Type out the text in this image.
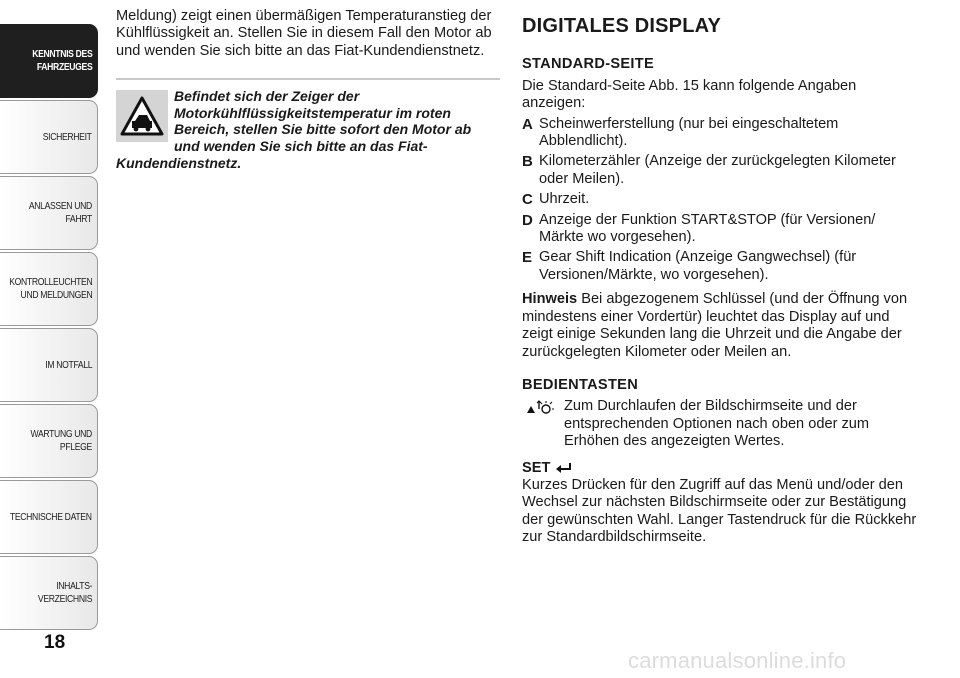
KENNTNIS DES
FAHRZEUGES
SICHERHEIT
ANLASSEN UND
FAHRT
KONTROLLEUCHTEN
UND MELDUNGEN
IM NOTFALL
WARTUNG UND
PFLEGE
TECHNISCHE DATEN
INHALTS-
VERZEICHNIS
18

Meldung) zeigt einen übermäßigen Temperaturanstieg der Kühlflüssigkeit an. Stellen Sie in diesem Fall den Motor ab und wenden Sie sich bitte an das Fiat-Kundendienstnetz.

Befindet sich der Zeiger der Motorkühlflüssigkeitstemperatur im roten Bereich, stellen Sie bitte sofort den Motor ab und wenden Sie sich bitte an das Fiat-Kundendienstnetz.
DIGITALES DISPLAY
STANDARD-SEITE

Die Standard-Seite Abb. 15 kann folgende Angaben anzeigen:

A Scheinwerferstellung (nur bei eingeschaltetem Abblendlicht).
B Kilometerzähler (Anzeige der zurückgelegten Kilometer oder Meilen).
C Uhrzeit.
D Anzeige der Funktion START&STOP (für Versionen/ Märkte wo vorgesehen).
E Gear Shift Indication (Anzeige Gangwechsel) (für Versionen/Märkte, wo vorgesehen).

Hinweis Bei abgezogenem Schlüssel (und der Öffnung von mindestens einer Vordertür) leuchtet das Display auf und zeigt einige Sekunden lang die Uhrzeit und die Angabe der zurückgelegten Kilometer oder Meilen an.

BEDIENTASTEN
Zum Durchlaufen der Bildschirmseite und der entsprechenden Optionen nach oben oder zum Erhöhen des angezeigten Wertes.
SET

Kurzes Drücken für den Zugriff auf das Menü und/oder den Wechsel zur nächsten Bildschirmseite oder zur Bestätigung der gewünschten Wahl. Langer Tastendruck für die Rückkehr zur Standardbildschirmseite.

carmanualsonline.info
